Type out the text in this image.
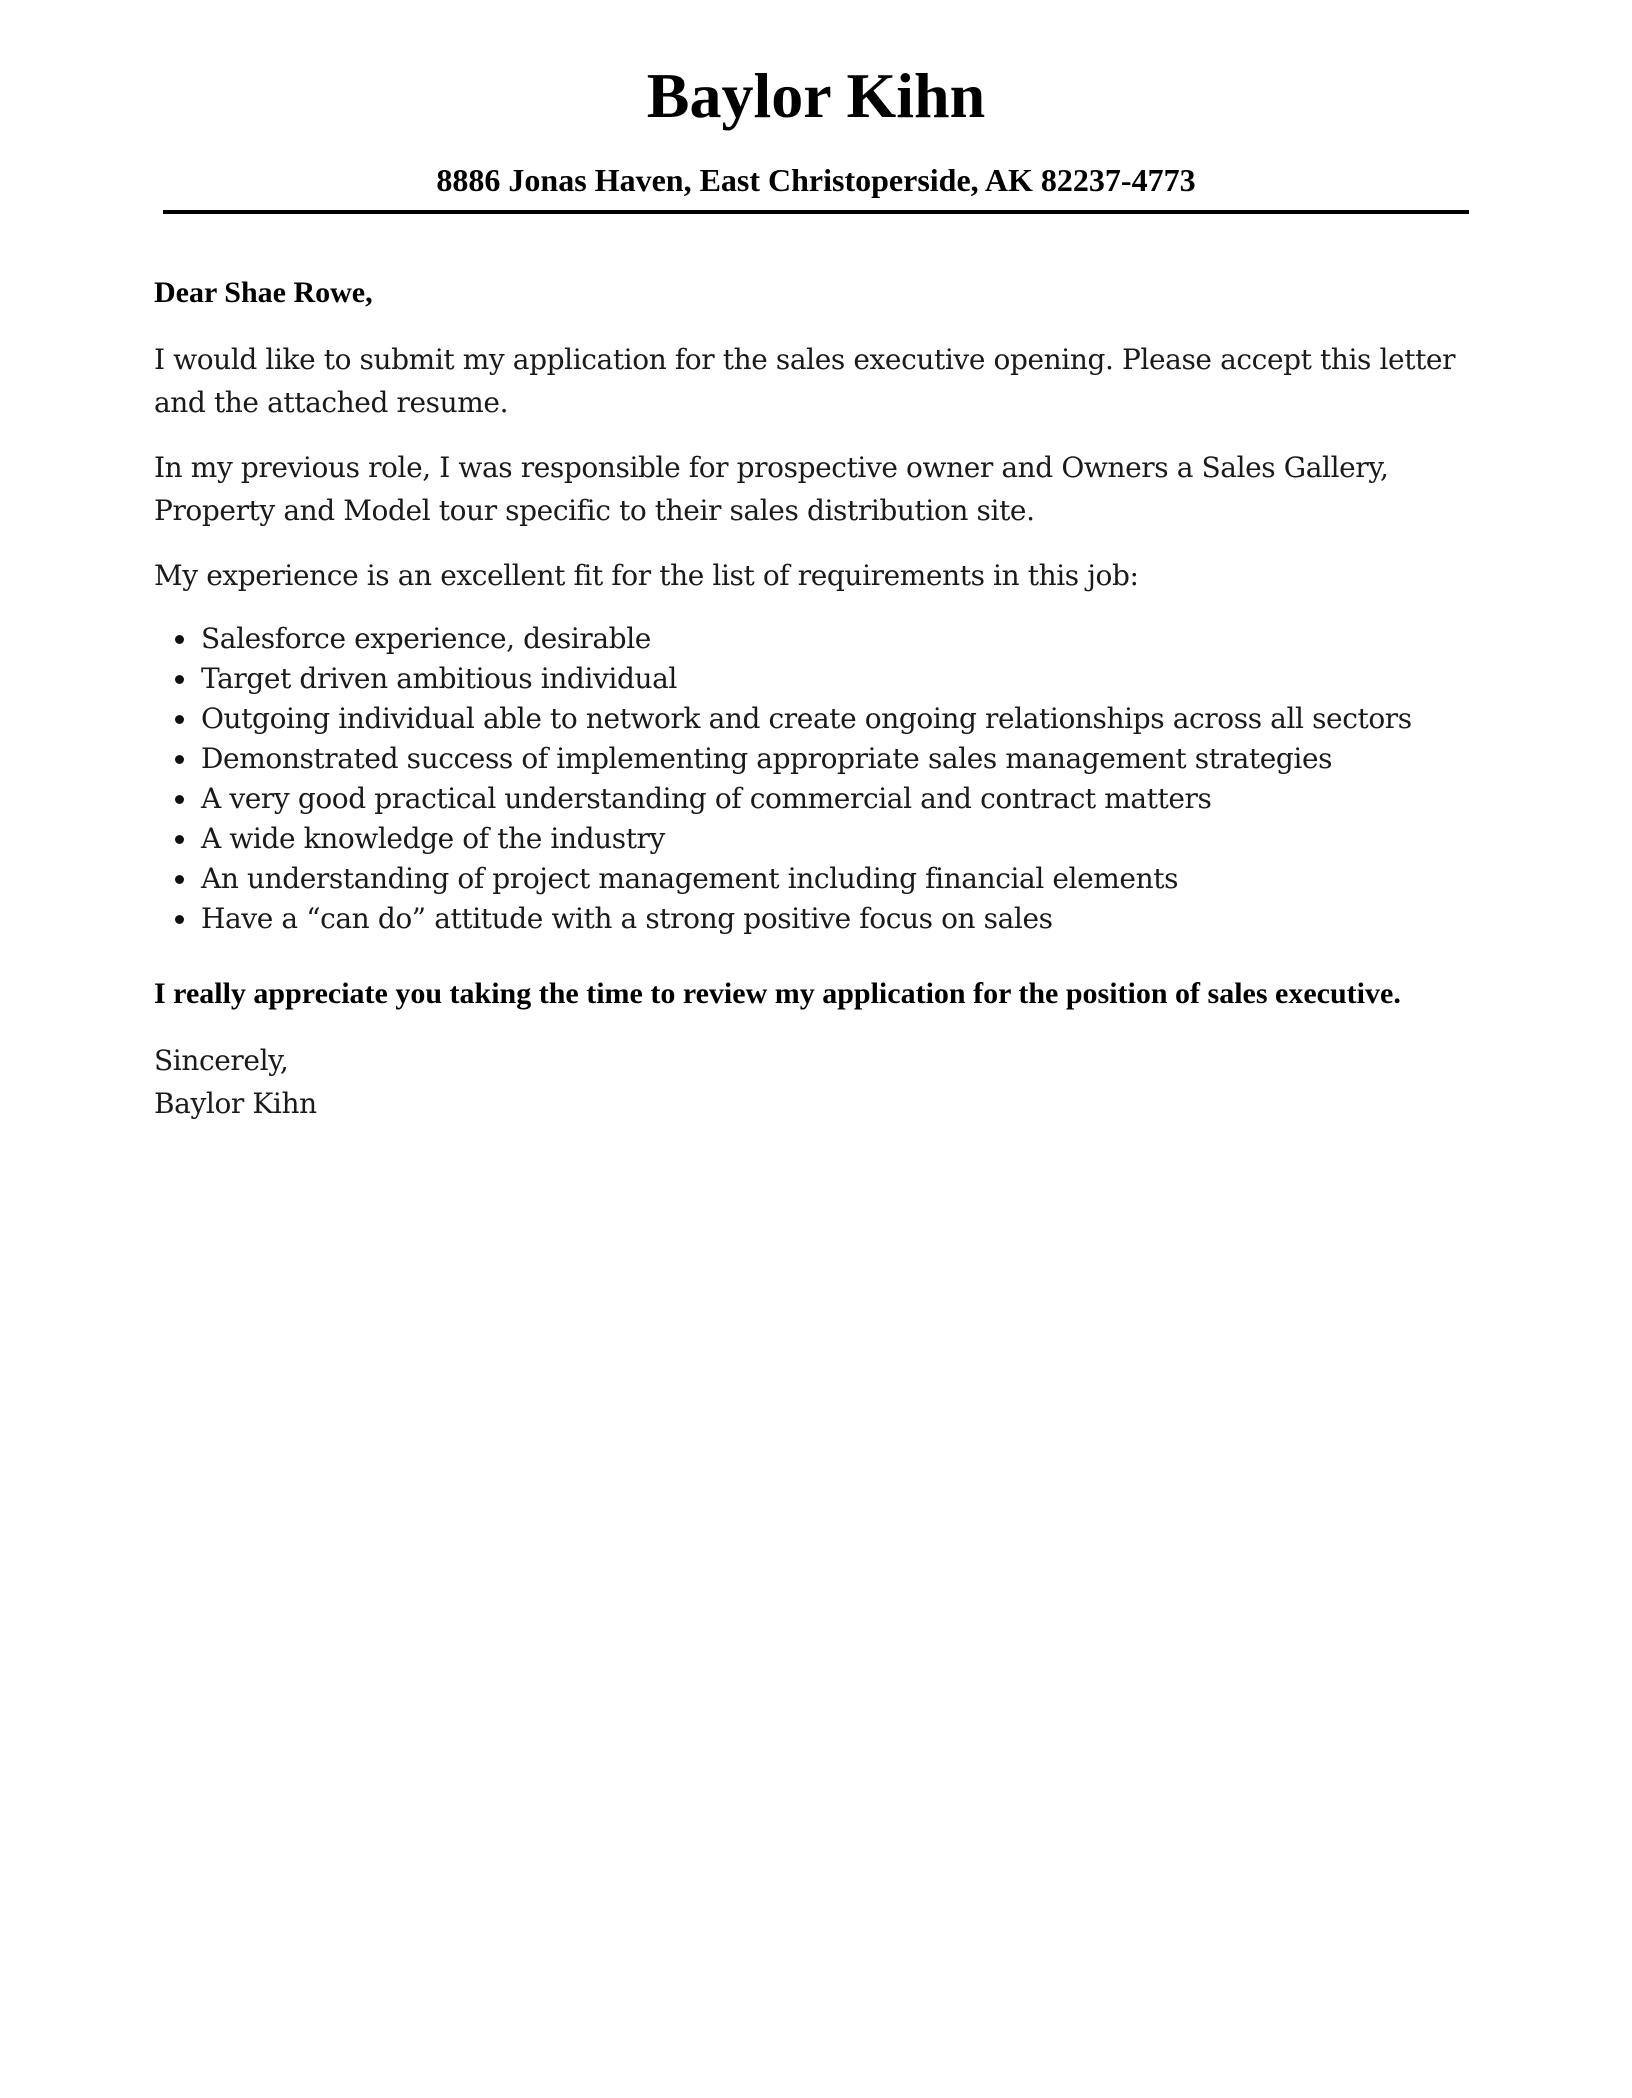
Baylor Kihn

8886 Jonas Haven, East Christoperside, AK 82237-4773

Dear Shae Rowe,

I would like to submit my application for the sales executive opening. Please accept this letter and the attached resume.

In my previous role, I was responsible for prospective owner and Owners a Sales Gallery, Property and Model tour specific to their sales distribution site.

My experience is an excellent fit for the list of requirements in this job:

Salesforce experience, desirable
Target driven ambitious individual
Outgoing individual able to network and create ongoing relationships across all sectors
Demonstrated success of implementing appropriate sales management strategies
A very good practical understanding of commercial and contract matters
A wide knowledge of the industry
An understanding of project management including financial elements
Have a “can do” attitude with a strong positive focus on sales

I really appreciate you taking the time to review my application for the position of sales executive.

Sincerely,

Baylor Kihn
